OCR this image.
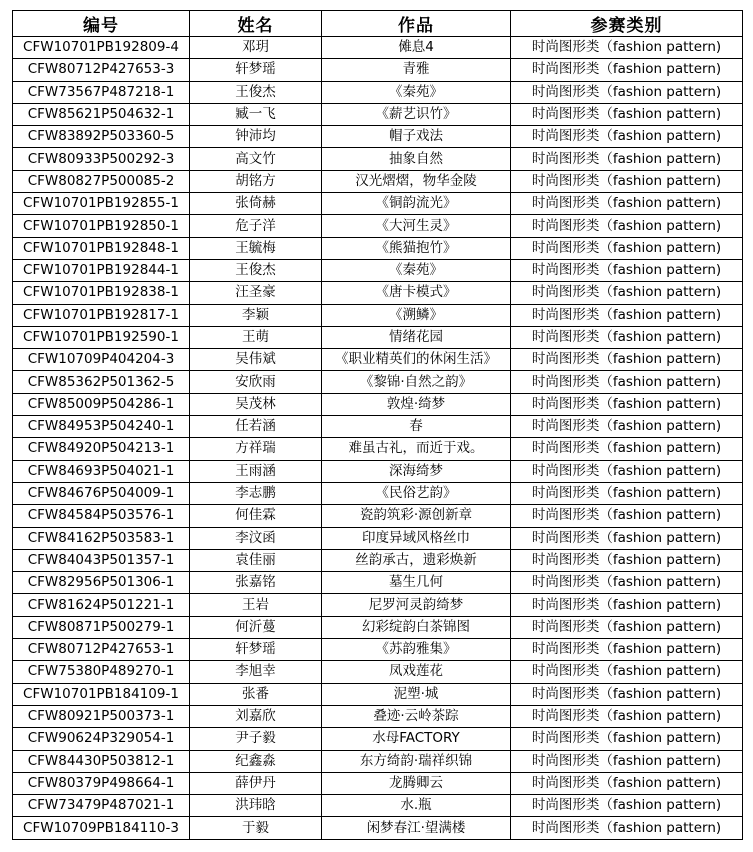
编号	姓名	作品	参赛类别
CFW10701PB192809-4	邓玥	傩息4	时尚图形类（fashion pattern)
CFW80712P427653-3	轩梦瑶	青雅	时尚图形类（fashion pattern)
CFW73567P487218-1	王俊杰	《秦苑》	时尚图形类（fashion pattern)
CFW85621P504632-1	臧一飞	《薪艺识竹》	时尚图形类（fashion pattern)
CFW83892P503360-5	钟沛均	帽子戏法	时尚图形类（fashion pattern)
CFW80933P500292-3	高文竹	抽象自然	时尚图形类（fashion pattern)
CFW80827P500085-2	胡铭方	汉光熠熠，物华金陵	时尚图形类（fashion pattern)
CFW10701PB192855-1	张倚赫	《铜韵流光》	时尚图形类（fashion pattern)
CFW10701PB192850-1	危子洋	《大河生灵》	时尚图形类（fashion pattern)
CFW10701PB192848-1	王毓梅	《熊猫抱竹》	时尚图形类（fashion pattern)
CFW10701PB192844-1	王俊杰	《秦苑》	时尚图形类（fashion pattern)
CFW10701PB192838-1	汪圣豪	《唐卡模式》	时尚图形类（fashion pattern)
CFW10701PB192817-1	李颖	《溯鳞》	时尚图形类（fashion pattern)
CFW10701PB192590-1	王萌	情绪花园	时尚图形类（fashion pattern)
CFW10709P404204-3	吴伟斌	《职业精英们的休闲生活》	时尚图形类（fashion pattern)
CFW85362P501362-5	安欣雨	《黎锦·自然之韵》	时尚图形类（fashion pattern)
CFW85009P504286-1	吴茂林	敦煌·绮梦	时尚图形类（fashion pattern)
CFW84953P504240-1	任若涵	春	时尚图形类（fashion pattern)
CFW84920P504213-1	方祥瑞	难虽古礼，而近于戏。	时尚图形类（fashion pattern)
CFW84693P504021-1	王雨涵	深海绮梦	时尚图形类（fashion pattern)
CFW84676P504009-1	李志鹏	《民俗艺韵》	时尚图形类（fashion pattern)
CFW84584P503576-1	何佳霖	瓷韵筑彩·源创新章	时尚图形类（fashion pattern)
CFW84162P503583-1	李汶函	印度异域风格丝巾	时尚图形类（fashion pattern)
CFW84043P501357-1	袁佳丽	丝韵承古，遗彩焕新	时尚图形类（fashion pattern)
CFW82956P501306-1	张嘉铭	墓生几何	时尚图形类（fashion pattern)
CFW81624P501221-1	王岩	尼罗河灵韵绮梦	时尚图形类（fashion pattern)
CFW80871P500279-1	何沂蔓	幻彩绽韵白茶锦图	时尚图形类（fashion pattern)
CFW80712P427653-1	轩梦瑶	《苏韵雅集》	时尚图形类（fashion pattern)
CFW75380P489270-1	李旭幸	凤戏莲花	时尚图形类（fashion pattern)
CFW10701PB184109-1	张番	泥塑·城	时尚图形类（fashion pattern)
CFW80921P500373-1	刘嘉欣	叠迹·云岭茶踪	时尚图形类（fashion pattern)
CFW90624P329054-1	尹子毅	水母FACTORY	时尚图形类（fashion pattern)
CFW84430P503812-1	纪鑫淼	东方绮韵·瑞祥织锦	时尚图形类（fashion pattern)
CFW80379P498664-1	薛伊丹	龙腾卿云	时尚图形类（fashion pattern)
CFW73479P487021-1	洪玮晗	水.瓶	时尚图形类（fashion pattern)
CFW10709PB184110-3	于毅	闲梦春江·望满楼	时尚图形类（fashion pattern)
